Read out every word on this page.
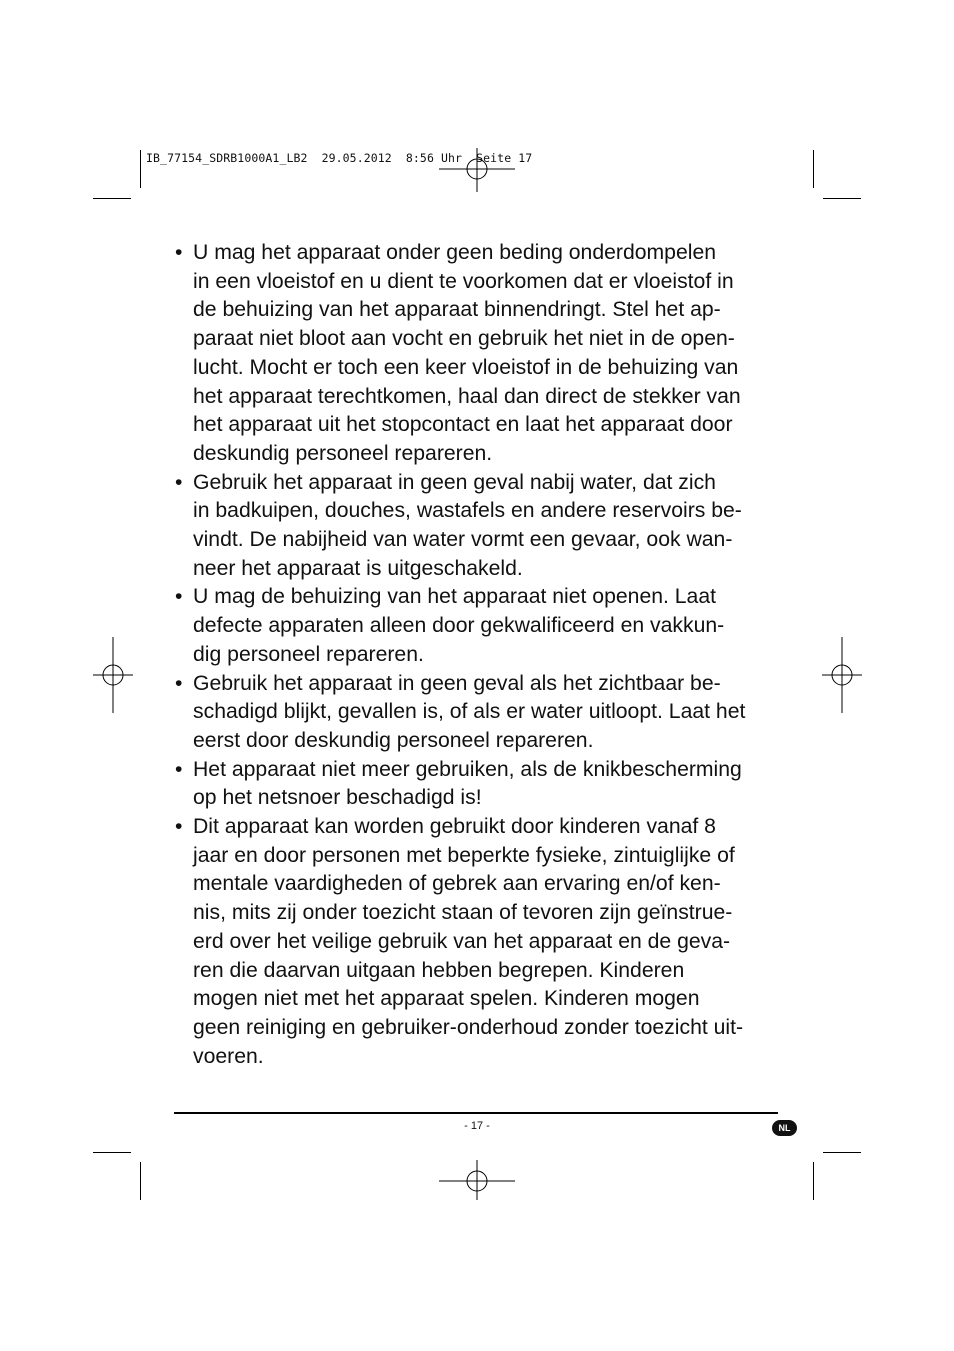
IB_77154_SDRB1000A1_LB2  29.05.2012  8:56 Uhr  Seite 17
• U mag het apparaat onder geen beding onderdompelen
in een vloeistof en u dient te voorkomen dat er vloeistof in
de behuizing van het apparaat binnendringt. Stel het ap-
paraat niet bloot aan vocht en gebruik het niet in de open-
lucht. Mocht er toch een keer vloeistof in de behuizing van
het apparaat terechtkomen, haal dan direct de stekker van
het apparaat uit het stopcontact en laat het apparaat door
deskundig personeel repareren.
• Gebruik het apparaat in geen geval nabij water, dat zich
in badkuipen, douches, wastafels en andere reservoirs be-
vindt. De nabijheid van water vormt een gevaar, ook wan-
neer het apparaat is uitgeschakeld.
• U mag de behuizing van het apparaat niet openen. Laat
defecte apparaten alleen door gekwalificeerd en vakkun-
dig personeel repareren.
• Gebruik het apparaat in geen geval als het zichtbaar be-
schadigd blijkt, gevallen is, of als er water uitloopt. Laat het
eerst door deskundig personeel repareren.
• Het apparaat niet meer gebruiken, als de knikbescherming
op het netsnoer beschadigd is!
• Dit apparaat kan worden gebruikt door kinderen vanaf 8
jaar en door personen met beperkte fysieke, zintuiglijke of
mentale vaardigheden of gebrek aan ervaring en/of ken-
nis, mits zij onder toezicht staan of tevoren zijn geïnstrue-
erd over het veilige gebruik van het apparaat en de geva-
ren die daarvan uitgaan hebben begrepen. Kinderen
mogen niet met het apparaat spelen. Kinderen mogen
geen reiniging en gebruiker-onderhoud zonder toezicht uit-
voeren.
- 17 -	NL
